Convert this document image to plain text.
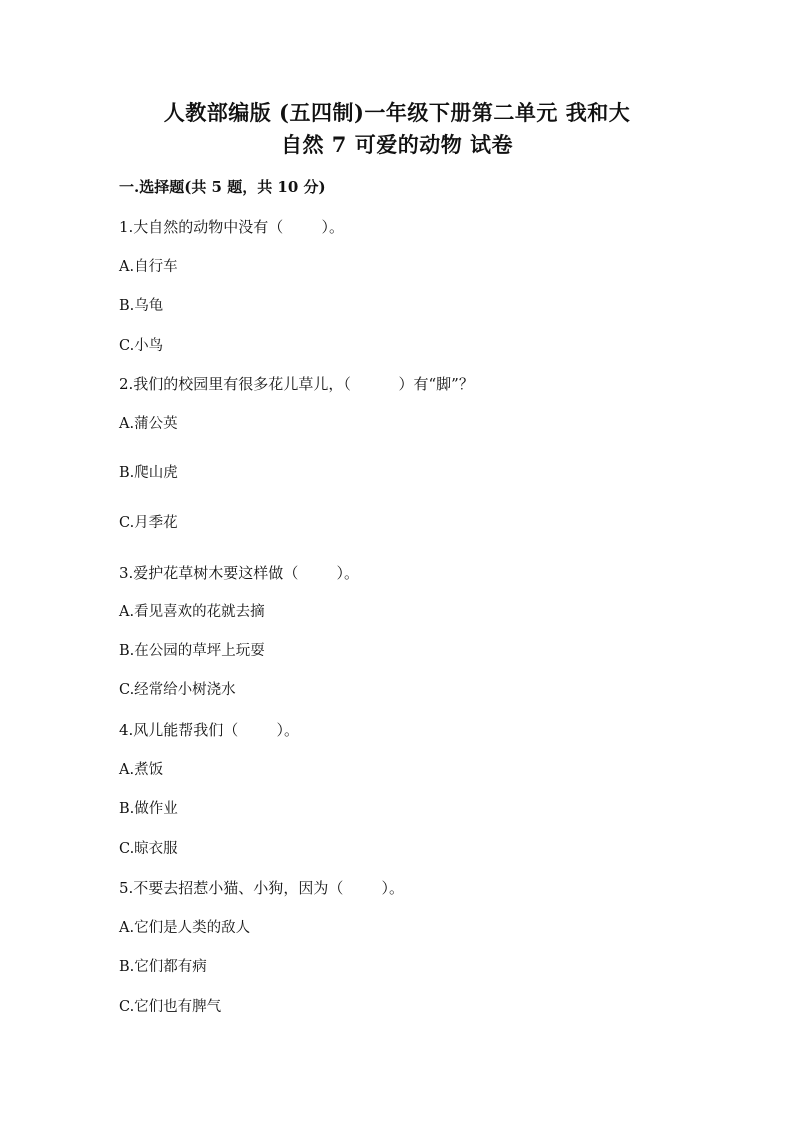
人教部编版 (五四制)一年级下册第二单元 我和大
自然 7 可爱的动物 试卷
一.选择题(共 5 题，共 10 分)
1.大自然的动物中没有（        ）。
A.自行车
B.乌龟
C.小鸟
2.我们的校园里有很多花儿草儿，（          ）有“脚”？
A.蒲公英
B.爬山虎
C.月季花
3.爱护花草树木要这样做（        ）。
A.看见喜欢的花就去摘
B.在公园的草坪上玩耍
C.经常给小树浇水
4.风儿能帮我们（        ）。
A.煮饭
B.做作业
C.晾衣服
5.不要去招惹小猫、小狗，因为（        ）。
A.它们是人类的敌人
B.它们都有病
C.它们也有脾气
